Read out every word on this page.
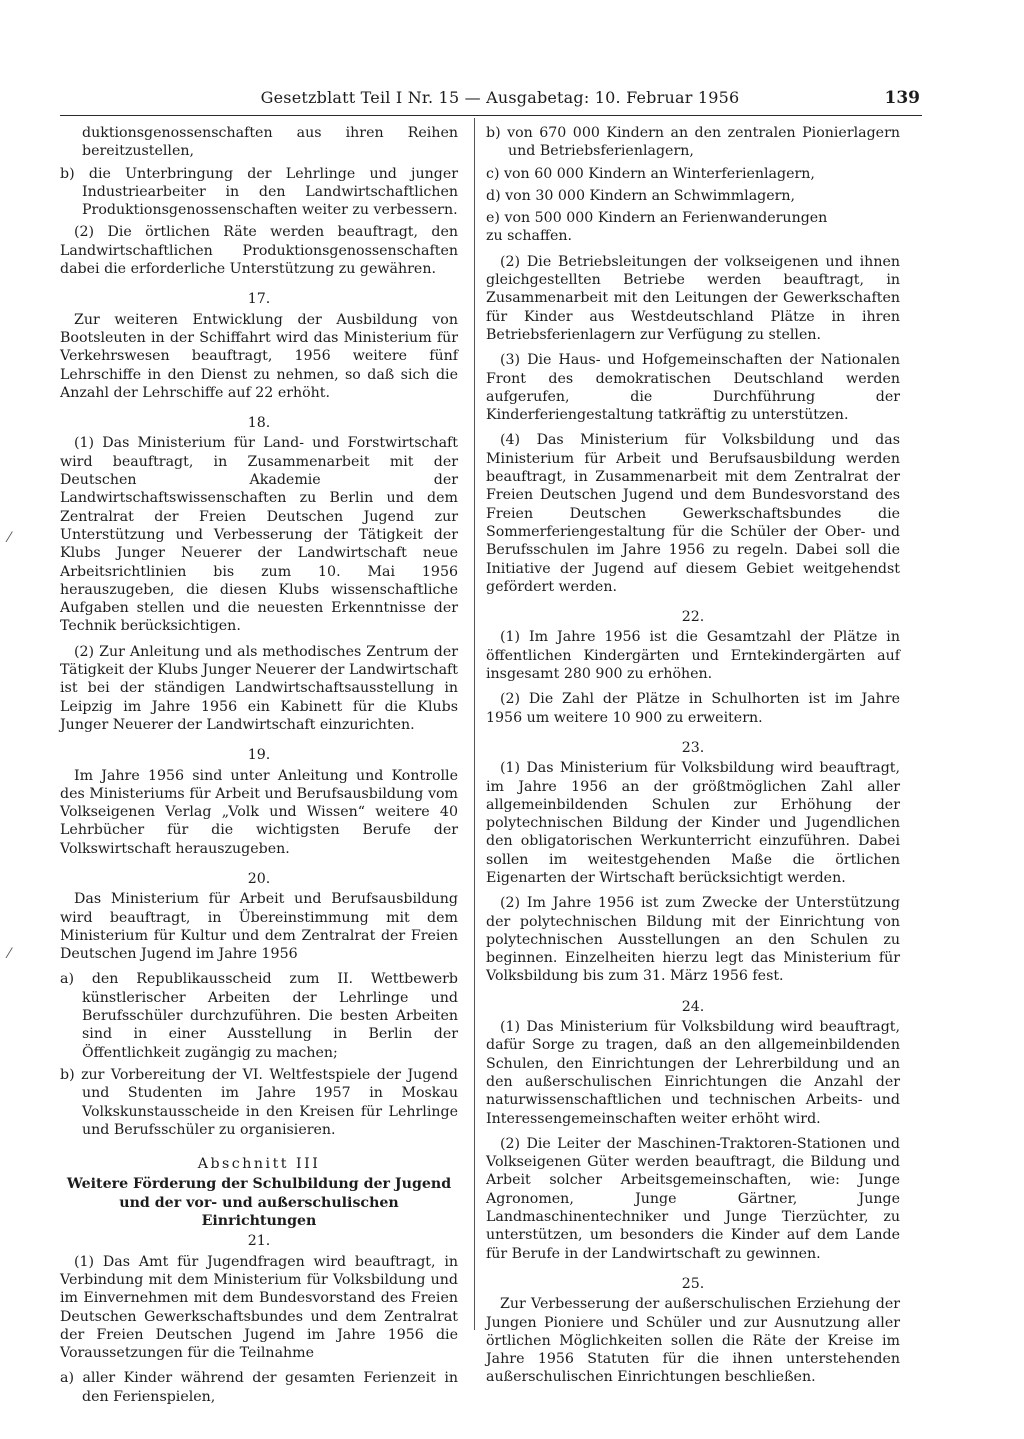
Gesetzblatt Teil I Nr. 15 — Ausgabetag: 10. Februar 1956	139
⁄
⁄

duktionsgenossenschaften aus ihren Reihen bereitzustellen,

b) die Unterbringung der Lehrlinge und junger Industriearbeiter in den Landwirtschaftlichen Produktionsgenossenschaften weiter zu verbessern.

(2) Die örtlichen Räte werden beauftragt, den Landwirtschaftlichen Produktionsgenossenschaften dabei die erforderliche Unterstützung zu gewähren.

17.

Zur weiteren Entwicklung der Ausbildung von Bootsleuten in der Schiffahrt wird das Ministerium für Verkehrswesen beauftragt, 1956 weitere fünf Lehrschiffe in den Dienst zu nehmen, so daß sich die Anzahl der Lehrschiffe auf 22 erhöht.

18.

(1) Das Ministerium für Land- und Forstwirtschaft wird beauftragt, in Zusammenarbeit mit der Deutschen Akademie der Landwirtschaftswissenschaften zu Berlin und dem Zentralrat der Freien Deutschen Jugend zur Unterstützung und Verbesserung der Tätigkeit der Klubs Junger Neuerer der Landwirtschaft neue Arbeitsrichtlinien bis zum 10. Mai 1956 herauszugeben, die diesen Klubs wissenschaftliche Aufgaben stellen und die neuesten Erkenntnisse der Technik berücksichtigen.

(2) Zur Anleitung und als methodisches Zentrum der Tätigkeit der Klubs Junger Neuerer der Landwirtschaft ist bei der ständigen Landwirtschaftsausstellung in Leipzig im Jahre 1956 ein Kabinett für die Klubs Junger Neuerer der Landwirtschaft einzurichten.

19.

Im Jahre 1956 sind unter Anleitung und Kontrolle des Ministeriums für Arbeit und Berufsausbildung vom Volkseigenen Verlag „Volk und Wissen“ weitere 40 Lehrbücher für die wichtigsten Berufe der Volkswirtschaft herauszugeben.

20.

Das Ministerium für Arbeit und Berufsausbildung wird beauftragt, in Übereinstimmung mit dem Ministerium für Kultur und dem Zentralrat der Freien Deutschen Jugend im Jahre 1956

a) den Republikausscheid zum II. Wettbewerb künstlerischer Arbeiten der Lehrlinge und Berufsschüler durchzuführen. Die besten Arbeiten sind in einer Ausstellung in Berlin der Öffentlichkeit zugängig zu machen;

b) zur Vorbereitung der VI. Weltfestspiele der Jugend und Studenten im Jahre 1957 in Moskau Volkskunstausscheide in den Kreisen für Lehrlinge und Berufsschüler zu organisieren.

Abschnitt III

Weitere Förderung der Schulbildung der Jugend und der vor- und außerschulischen Einrichtungen

21.

(1) Das Amt für Jugendfragen wird beauftragt, in Verbindung mit dem Ministerium für Volksbildung und im Einvernehmen mit dem Bundesvorstand des Freien Deutschen Gewerkschaftsbundes und dem Zentralrat der Freien Deutschen Jugend im Jahre 1956 die Voraussetzungen für die Teilnahme

a) aller Kinder während der gesamten Ferienzeit in den Ferienspielen,

b) von 670 000 Kindern an den zentralen Pionierlagern und Betriebsferienlagern,

c) von 60 000 Kindern an Winterferienlagern,

d) von 30 000 Kindern an Schwimmlagern,

e) von 500 000 Kindern an Ferienwanderungen

zu schaffen.

(2) Die Betriebsleitungen der volkseigenen und ihnen gleichgestellten Betriebe werden beauftragt, in Zusammenarbeit mit den Leitungen der Gewerkschaften für Kinder aus Westdeutschland Plätze in ihren Betriebsferienlagern zur Verfügung zu stellen.

(3) Die Haus- und Hofgemeinschaften der Nationalen Front des demokratischen Deutschland werden aufgerufen, die Durchführung der Kinderferiengestaltung tatkräftig zu unterstützen.

(4) Das Ministerium für Volksbildung und das Ministerium für Arbeit und Berufsausbildung werden beauftragt, in Zusammenarbeit mit dem Zentralrat der Freien Deutschen Jugend und dem Bundesvorstand des Freien Deutschen Gewerkschaftsbundes die Sommerferiengestaltung für die Schüler der Ober- und Berufsschulen im Jahre 1956 zu regeln. Dabei soll die Initiative der Jugend auf diesem Gebiet weitgehendst gefördert werden.

22.

(1) Im Jahre 1956 ist die Gesamtzahl der Plätze in öffentlichen Kindergärten und Erntekindergärten auf insgesamt 280 900 zu erhöhen.

(2) Die Zahl der Plätze in Schulhorten ist im Jahre 1956 um weitere 10 900 zu erweitern.

23.

(1) Das Ministerium für Volksbildung wird beauftragt, im Jahre 1956 an der größtmöglichen Zahl aller allgemeinbildenden Schulen zur Erhöhung der polytechnischen Bildung der Kinder und Jugendlichen den obligatorischen Werkunterricht einzuführen. Dabei sollen im weitestgehenden Maße die örtlichen Eigenarten der Wirtschaft berücksichtigt werden.

(2) Im Jahre 1956 ist zum Zwecke der Unterstützung der polytechnischen Bildung mit der Einrichtung von polytechnischen Ausstellungen an den Schulen zu beginnen. Einzelheiten hierzu legt das Ministerium für Volksbildung bis zum 31. März 1956 fest.

24.

(1) Das Ministerium für Volksbildung wird beauftragt, dafür Sorge zu tragen, daß an den allgemeinbildenden Schulen, den Einrichtungen der Lehrerbildung und an den außerschulischen Einrichtungen die Anzahl der naturwissenschaftlichen und technischen Arbeits- und Interessengemeinschaften weiter erhöht wird.

(2) Die Leiter der Maschinen-Traktoren-Stationen und Volkseigenen Güter werden beauftragt, die Bildung und Arbeit solcher Arbeitsgemeinschaften, wie: Junge Agronomen, Junge Gärtner, Junge Landmaschinentechniker und Junge Tierzüchter, zu unterstützen, um besonders die Kinder auf dem Lande für Berufe in der Landwirtschaft zu gewinnen.

25.

Zur Verbesserung der außerschulischen Erziehung der Jungen Pioniere und Schüler und zur Ausnutzung aller örtlichen Möglichkeiten sollen die Räte der Kreise im Jahre 1956 Statuten für die ihnen unterstehenden außerschulischen Einrichtungen beschließen.
